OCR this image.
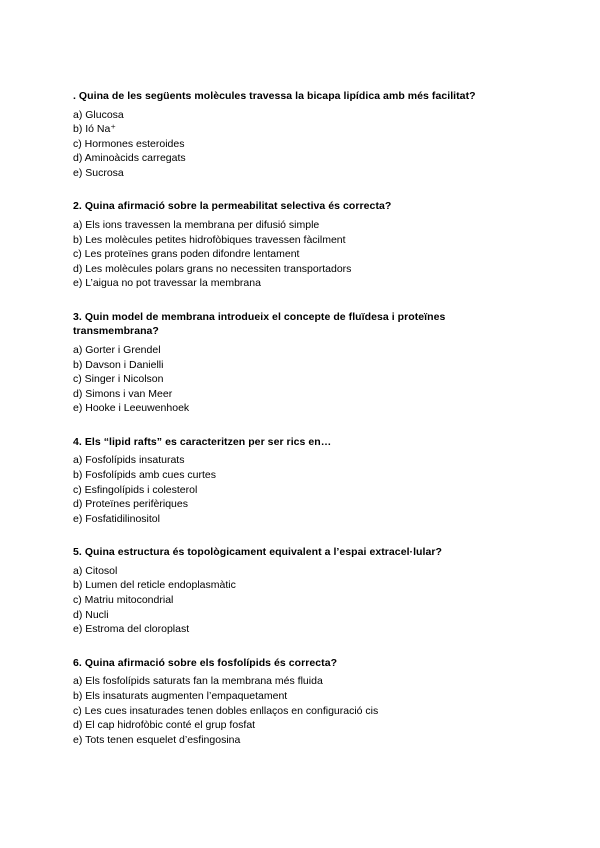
. Quina de les següents molècules travessa la bicapa lipídica amb més facilitat?
a) Glucosa
b) Ió Na⁺
c) Hormones esteroides
d) Aminoàcids carregats
e) Sucrosa
2. Quina afirmació sobre la permeabilitat selectiva és correcta?
a) Els ions travessen la membrana per difusió simple
b) Les molècules petites hidrofòbiques travessen fàcilment
c) Les proteïnes grans poden difondre lentament
d) Les molècules polars grans no necessiten transportadors
e) L’aigua no pot travessar la membrana
3. Quin model de membrana introdueix el concepte de fluïdesa i proteïnes transmembrana?
a) Gorter i Grendel
b) Davson i Danielli
c) Singer i Nicolson
d) Simons i van Meer
e) Hooke i Leeuwenhoek
4. Els “lipid rafts” es caracteritzen per ser rics en…
a) Fosfolípids insaturats
b) Fosfolípids amb cues curtes
c) Esfingolípids i colesterol
d) Proteïnes perifèriques
e) Fosfatidilinositol
5. Quina estructura és topològicament equivalent a l’espai extracel·lular?
a) Citosol
b) Lumen del reticle endoplasmàtic
c) Matriu mitocondrial
d) Nucli
e) Estroma del cloroplast
6. Quina afirmació sobre els fosfolípids és correcta?
a) Els fosfolípids saturats fan la membrana més fluida
b) Els insaturats augmenten l’empaquetament
c) Les cues insaturades tenen dobles enllaços en configuració cis
d) El cap hidrofòbic conté el grup fosfat
e) Tots tenen esquelet d’esfingosina
